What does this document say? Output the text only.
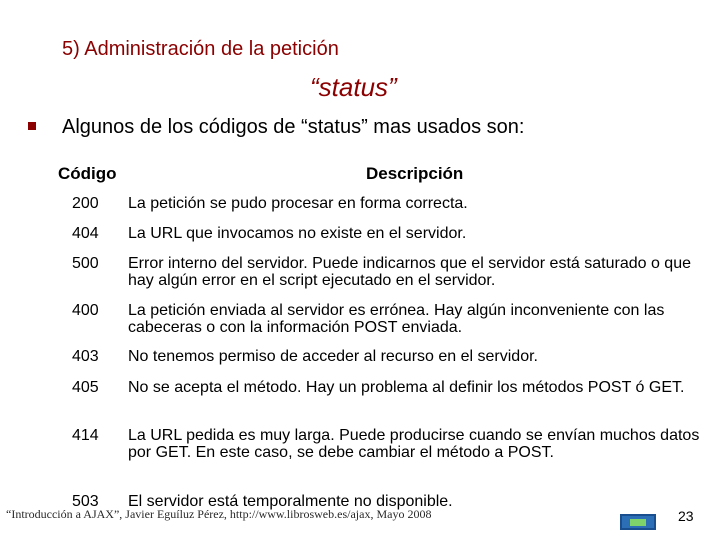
5) Administración de la petición
“status”
Algunos de los códigos de “status” mas usados son:
Código	Descripción
200 La petición se pudo procesar en forma correcta.
404 La URL que invocamos no existe en el servidor.
500 Error interno del servidor. Puede indicarnos que el servidor está saturado o que hay algún error en el script ejecutado en el servidor.
400 La petición enviada al servidor es errónea. Hay algún inconveniente con las cabeceras o con la información POST enviada.
403 No tenemos permiso de acceder al recurso en el servidor.
405 No se acepta el método. Hay un problema al definir los métodos POST ó GET.
414 La URL pedida es muy larga. Puede producirse cuando se envían muchos datos por GET. En este caso, se debe cambiar el método a POST.
503 El servidor está temporalmente no disponible.
“Introducción a AJAX”, Javier Eguíluz Pérez, http://www.librosweb.es/ajax, Mayo 2008	23
